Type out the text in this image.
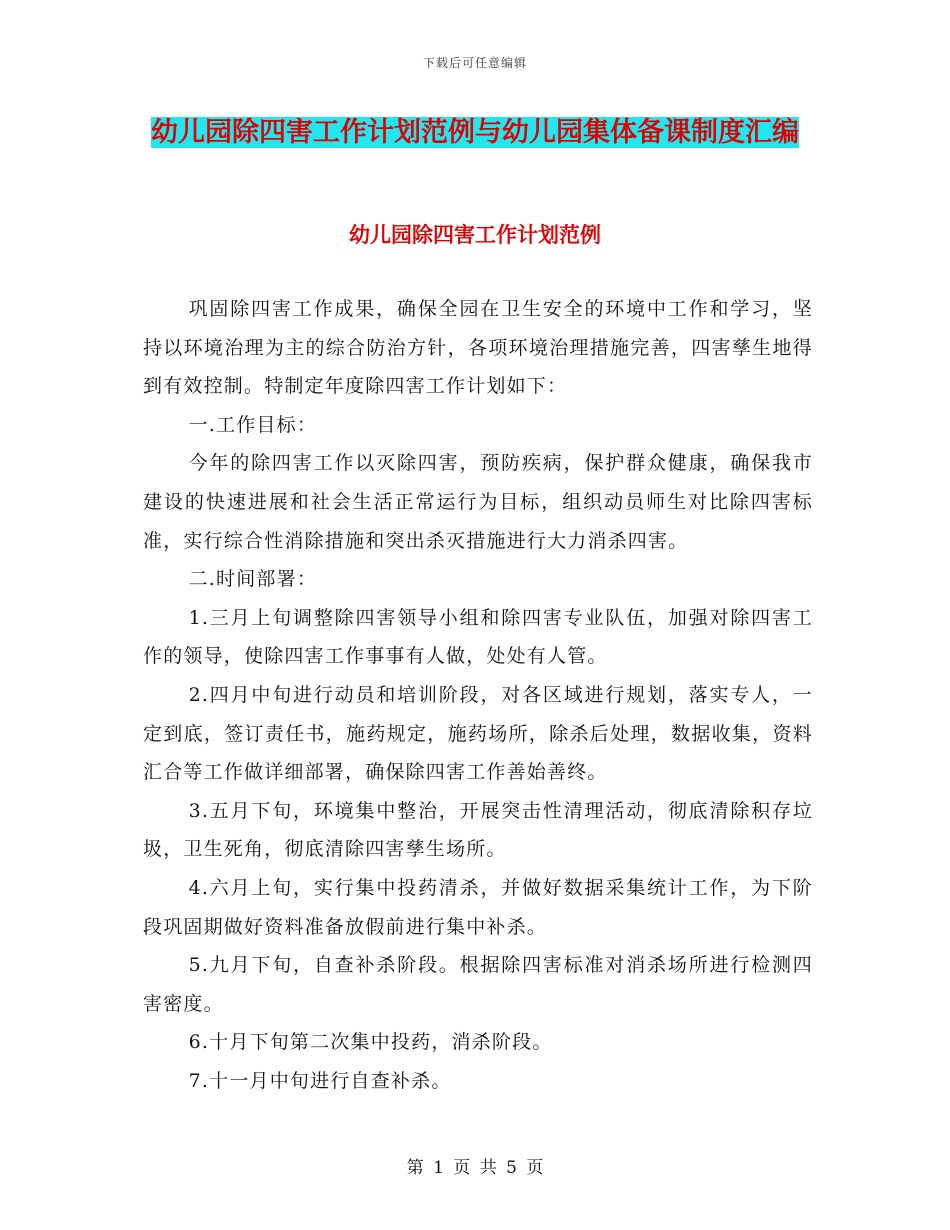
下载后可任意编辑
幼儿园除四害工作计划范例与幼儿园集体备课制度汇编
幼儿园除四害工作计划范例

巩固除四害工作成果，确保全园在卫生安全的环境中工作和学习，坚持以环境治理为主的综合防治方针，各项环境治理措施完善，四害孳生地得到有效控制。特制定年度除四害工作计划如下：

一.工作目标：

今年的除四害工作以灭除四害，预防疾病，保护群众健康，确保我市建设的快速进展和社会生活正常运行为目标，组织动员师生对比除四害标准，实行综合性消除措施和突出杀灭措施进行大力消杀四害。

二.时间部署：

1.三月上旬调整除四害领导小组和除四害专业队伍，加强对除四害工作的领导，使除四害工作事事有人做，处处有人管。

2.四月中旬进行动员和培训阶段，对各区域进行规划，落实专人，一定到底，签订责任书，施药规定，施药场所，除杀后处理，数据收集，资料汇合等工作做详细部署，确保除四害工作善始善终。

3.五月下旬，环境集中整治，开展突击性清理活动，彻底清除积存垃圾，卫生死角，彻底清除四害孳生场所。

4.六月上旬，实行集中投药清杀，并做好数据采集统计工作，为下阶段巩固期做好资料准备放假前进行集中补杀。

5.九月下旬，自查补杀阶段。根据除四害标准对消杀场所进行检测四害密度。

6.十月下旬第二次集中投药，消杀阶段。

7.十一月中旬进行自查补杀。

第 1 页 共 5 页
